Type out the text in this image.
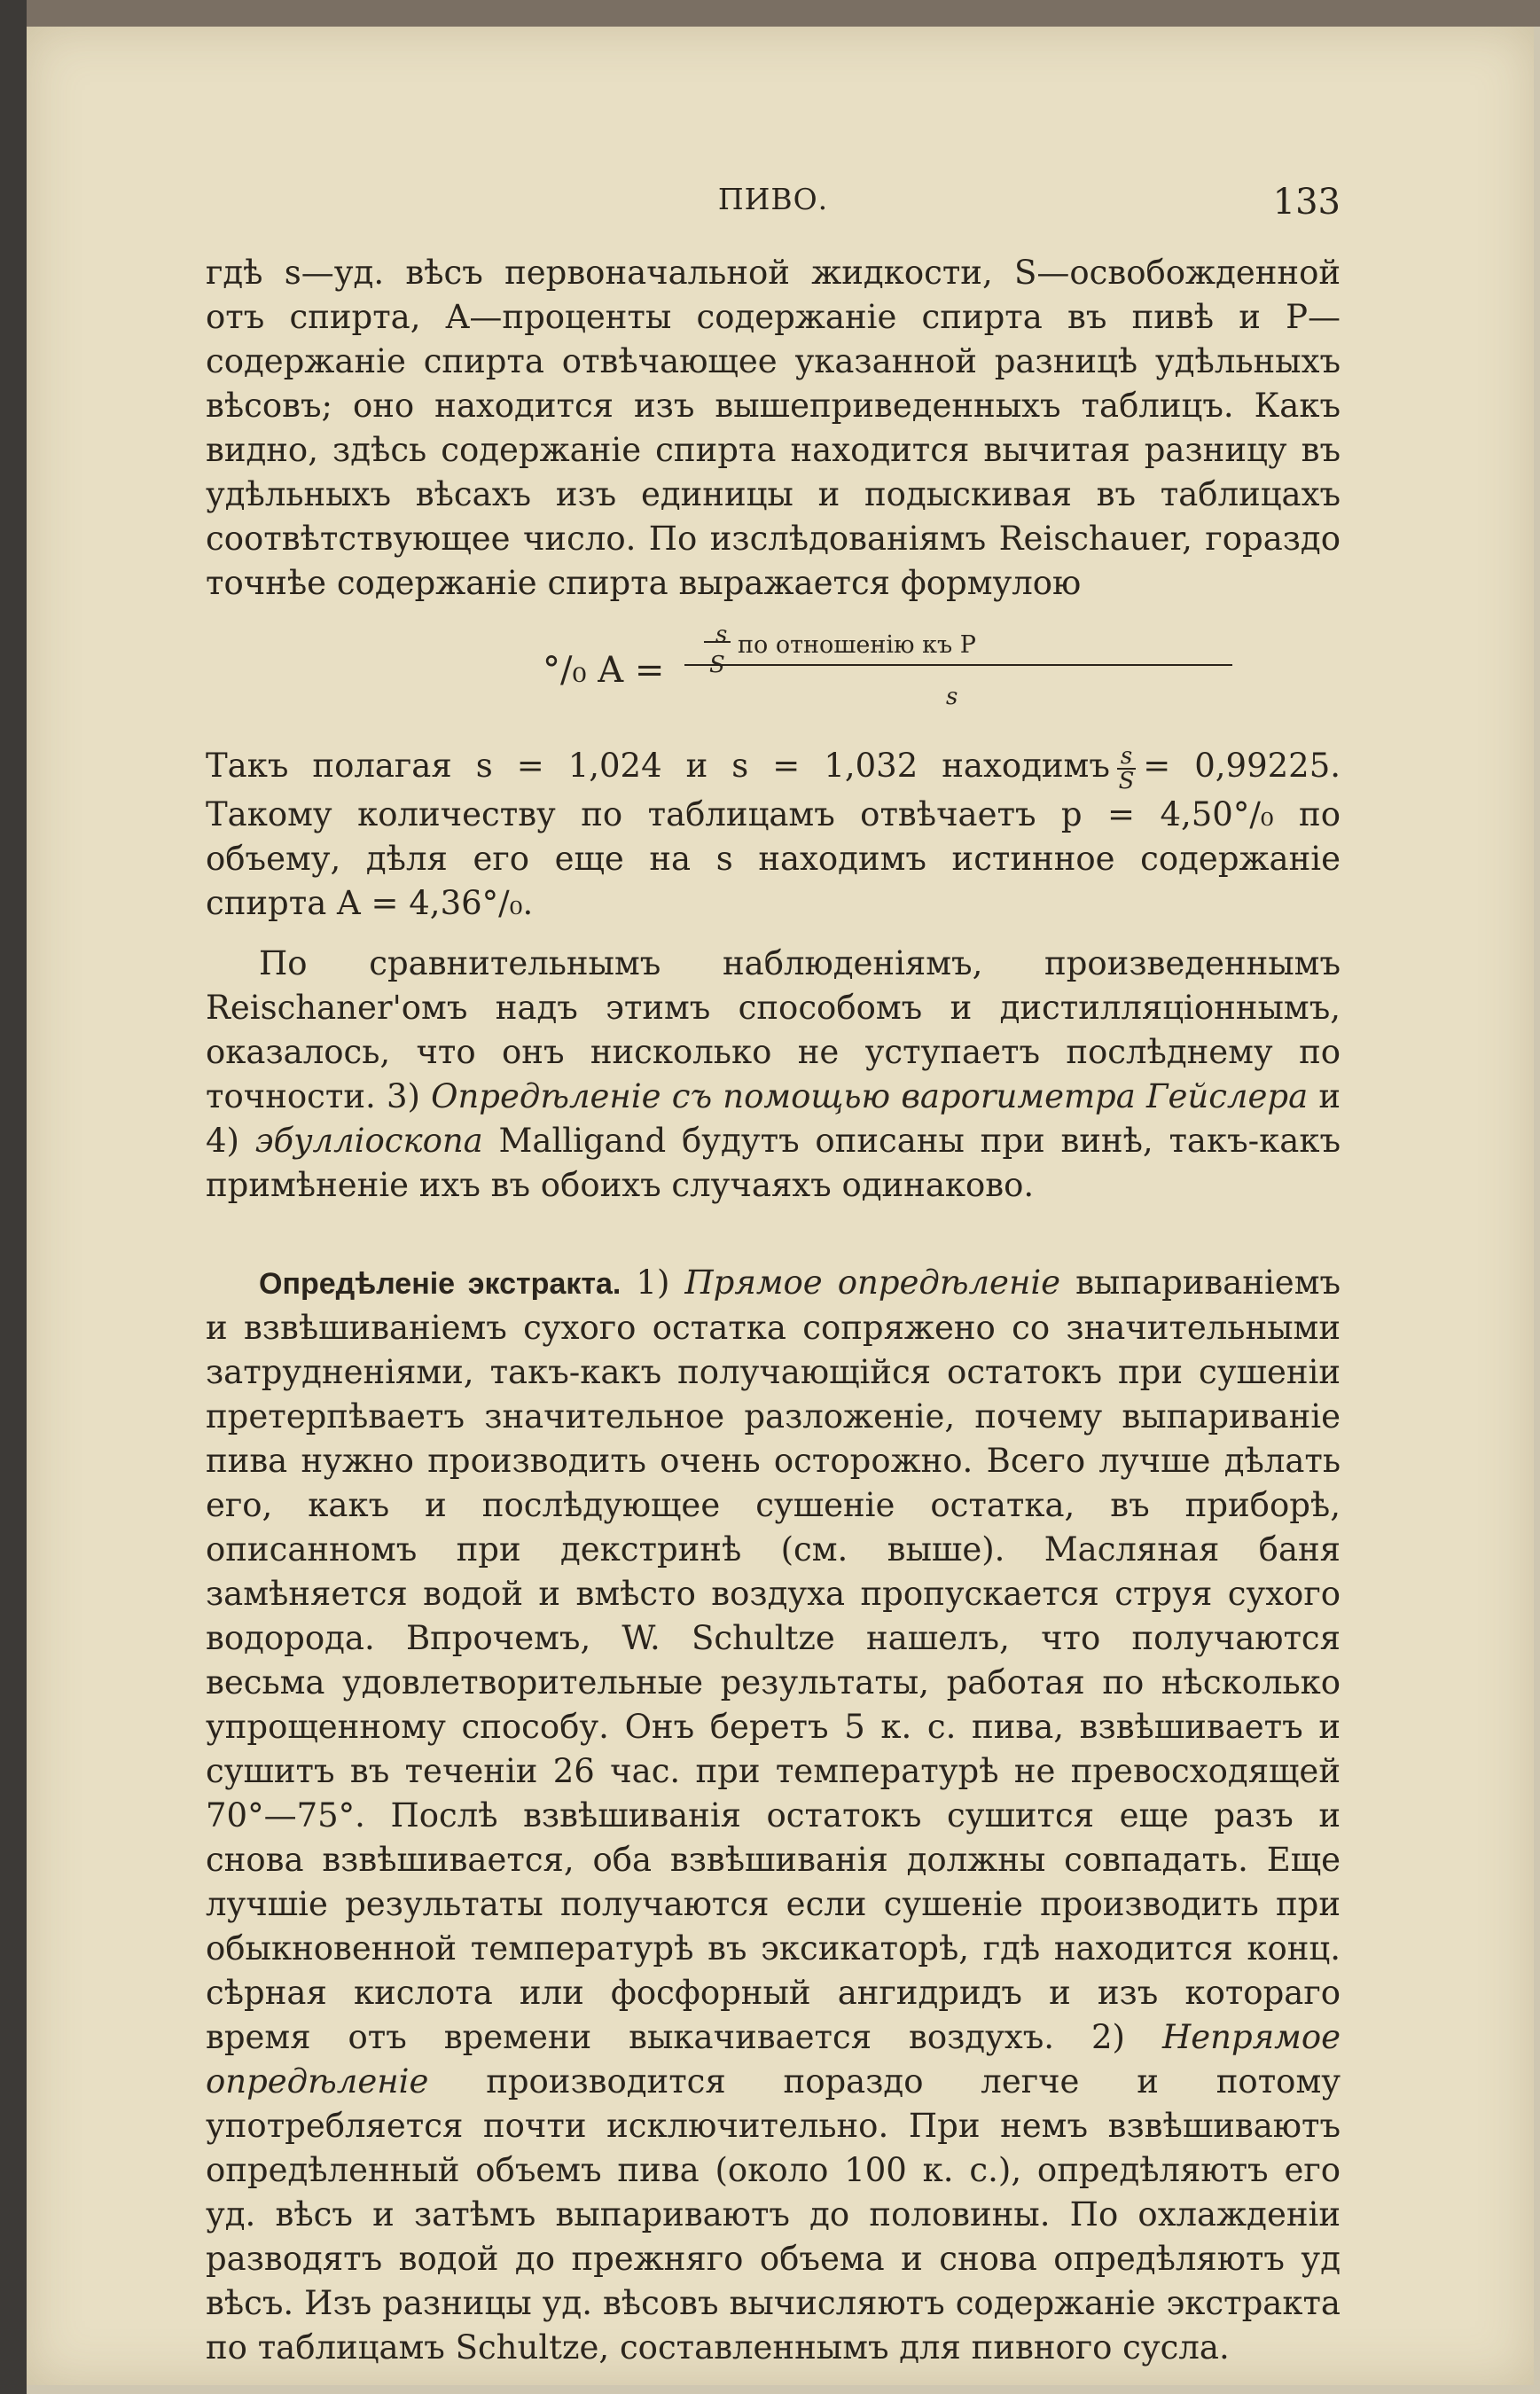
ПИВО.	133

гдѣ s—уд. вѣсъ первоначальной жидкости, S—освобожденной отъ спирта, A—проценты содержаніе спирта въ пивѣ и P—содержаніе спирта отвѣчающее указанной разницѣ удѣльныхъ вѣсовъ; оно находится изъ вышеприведенныхъ таблицъ. Какъ видно, здѣсь содержаніе спирта находится вычитая разницу въ удѣльныхъ вѣсахъ изъ единицы и подыскивая въ таблицахъ соотвѣтствующее число. По изслѣдованіямъ Reischauer, гораздо точнѣе содержаніе спирта выражается формулою

°/₀ A =
s
S
по отношенію къ P
s

Такъ полагая s = 1,024 и s = 1,032 находимъ $\frac{s}{S} = 0,99225$. Такому количеству по таблицамъ отвѣчаетъ p = 4,50°/₀ по объему, дѣля его еще на s находимъ истинное содержаніе спирта A = 4,36°/₀.

По сравнительнымъ наблюденіямъ, произведеннымъ Reischaner'омъ надъ этимъ способомъ и дистилляціоннымъ, оказалось, что онъ нисколько не уступаетъ послѣднему по точности. 3) Опредѣленіе съ помощью ваporиметра Гейслера и 4) эбулліоскопа Malligand будутъ описаны при винѣ, такъ-какъ примѣненіе ихъ въ обоихъ случаяхъ одинаково.

Опредѣленіе экстракта. 1) Прямое опредѣленіе выпариваніемъ и взвѣшиваніемъ сухого остатка сопряжено со значительными затрудненіями, такъ-какъ получающійся остатокъ при сушеніи претерпѣваетъ значительное разложеніе, почему выпариваніе пива нужно производить очень осторожно. Всего лучше дѣлать его, какъ и послѣдующее сушеніе остатка, въ приборѣ, описанномъ при декстринѣ (см. выше). Масляная баня замѣняется водой и вмѣсто воздуха пропускается струя сухого водорода. Впрочемъ, W. Schultze нашелъ, что получаются весьма удовлетворительные результаты, работая по нѣсколько упрощенному способу. Онъ беретъ 5 к. с. пива, взвѣшиваетъ и сушитъ въ теченіи 26 час. при температурѣ не превосходящей 70°—75°. Послѣ взвѣшиванія остатокъ сушится еще разъ и снова взвѣшивается, оба взвѣшиванія должны совпадать. Еще лучшіе результаты получаются если сушеніе производить при обыкновенной температурѣ въ эксикаторѣ, гдѣ находится конц. сѣрная кислота или фосфорный ангидридъ и изъ котораго время отъ времени выкачивается воздухъ. 2) Непрямое опредѣленіе производится пораздо легче и потому употребляется почти исключительно. При немъ взвѣшиваютъ опредѣленный объемъ пива (около 100 к. с.), опредѣляютъ его уд. вѣсъ и затѣмъ выпариваютъ до половины. По охлажденіи разводятъ водой до прежняго объема и снова опредѣляютъ уд вѣсъ. Изъ разницы уд. вѣсовъ вычисляютъ содержаніе экстракта по таблицамъ Schultze, составленнымъ для пивного сусла.
